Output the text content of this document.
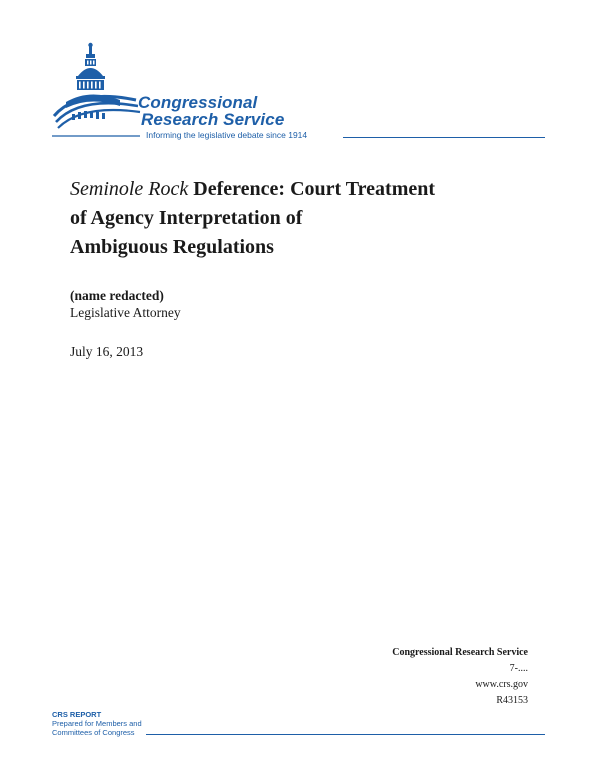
Congressional
Research Service
Informing the legislative debate since 1914
Seminole Rock Deference: Court Treatment
of Agency Interpretation of
Ambiguous Regulations
(name redacted)
Legislative Attorney
July 16, 2013
Congressional Research Service
7-....
www.crs.gov
R43153
CRS REPORT
Prepared for Members and
Committees of Congress
